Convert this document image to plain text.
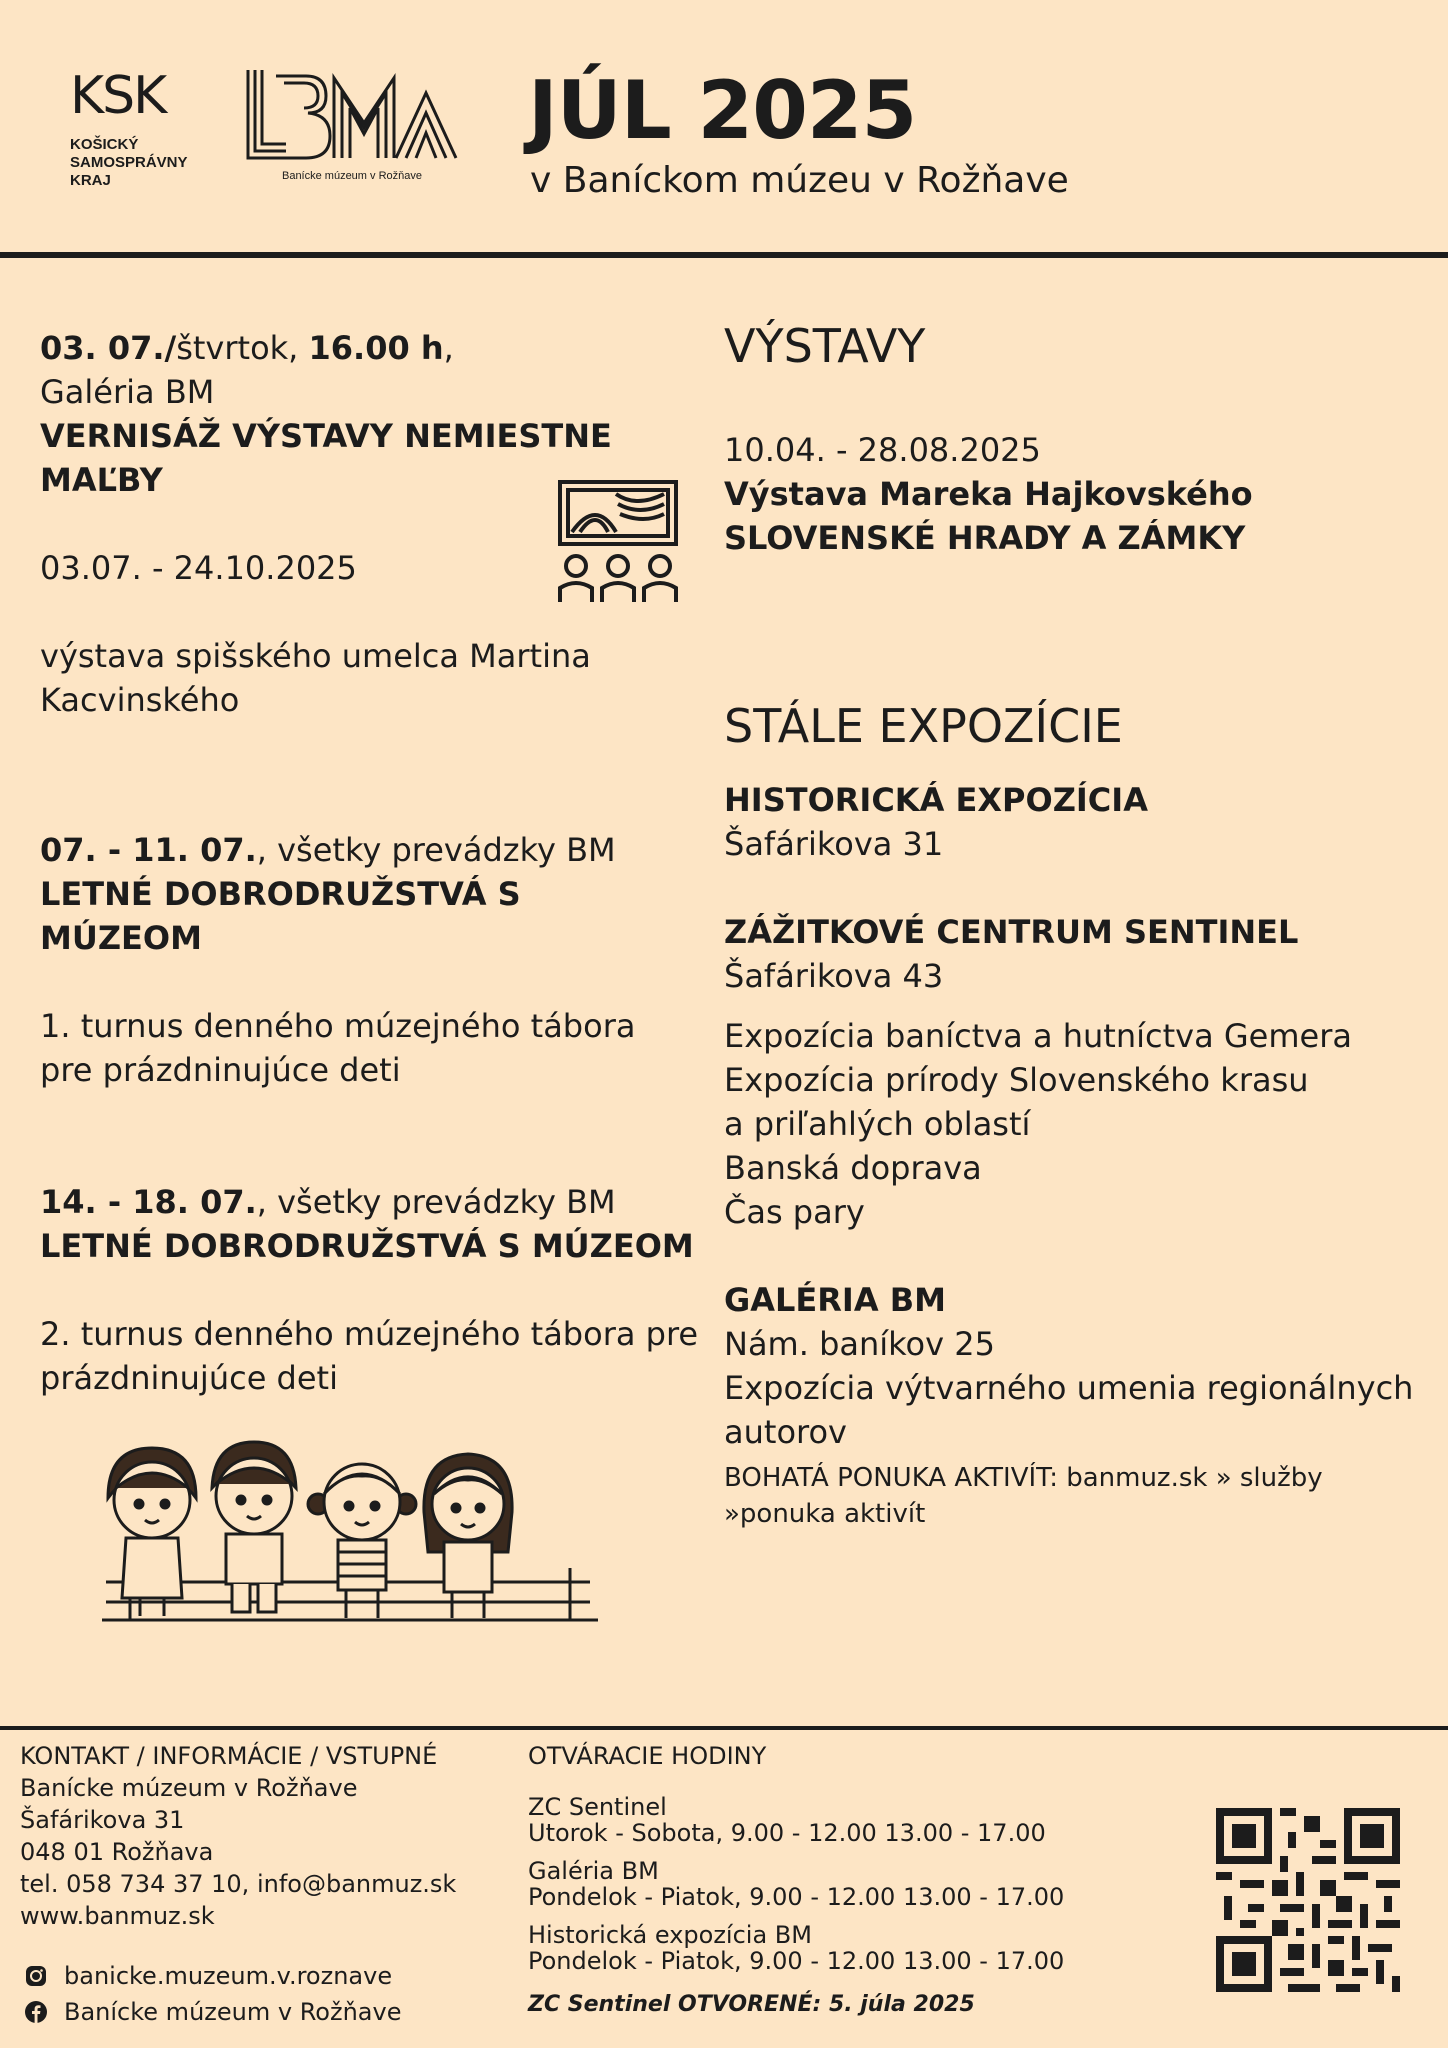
KSK
KOŠICKÝ
SAMOSPRÁVNY
KRAJ	Banícke múzeum v Rožňave
JÚL 2025
v Baníckom múzeu v Rožňave
03. 07./štvrtok, 16.00 h,
Galéria BM
VERNISÁŽ VÝSTAVY NEMIESTNE MAĽBY
03.07. - 24.10.2025
výstava spišského umelca Martina Kacvinského
07. - 11. 07., všetky prevádzky BM
LETNÉ DOBRODRUŽSTVÁ S MÚZEOM
1. turnus denného múzejného tábora pre prázdninujúce deti
14. - 18. 07., všetky prevádzky BM
LETNÉ DOBRODRUŽSTVÁ S MÚZEOM
2. turnus denného múzejného tábora pre prázdninujúce deti
VÝSTAVY
10.04. - 28.08.2025
Výstava Mareka Hajkovského
SLOVENSKÉ HRADY A ZÁMKY
STÁLE EXPOZÍCIE
HISTORICKÁ EXPOZÍCIA
Šafárikova 31
ZÁŽITKOVÉ CENTRUM SENTINEL
Šafárikova 43
Expozícia baníctva a hutníctva Gemera
Expozícia prírody Slovenského krasu
a priľahlých oblastí
Banská doprava
Čas pary
GALÉRIA BM
Nám. baníkov 25
Expozícia výtvarného umenia regionálnych autorov
BOHATÁ PONUKA AKTIVÍT: banmuz.sk » služby
»ponuka aktivít
KONTAKT / INFORMÁCIE / VSTUPNÉ
Banícke múzeum v Rožňave
Šafárikova 31
048 01 Rožňava
tel. 058 734 37 10, info@banmuz.sk
www.banmuz.sk
banicke.muzeum.v.roznave
Banícke múzeum v Rožňave
OTVÁRACIE HODINY
ZC Sentinel
Utorok - Sobota, 9.00 - 12.00 13.00 - 17.00
Galéria BM
Pondelok - Piatok, 9.00 - 12.00 13.00 - 17.00
Historická expozícia BM
Pondelok - Piatok, 9.00 - 12.00 13.00 - 17.00
ZC Sentinel OTVORENÉ: 5. júla 2025
